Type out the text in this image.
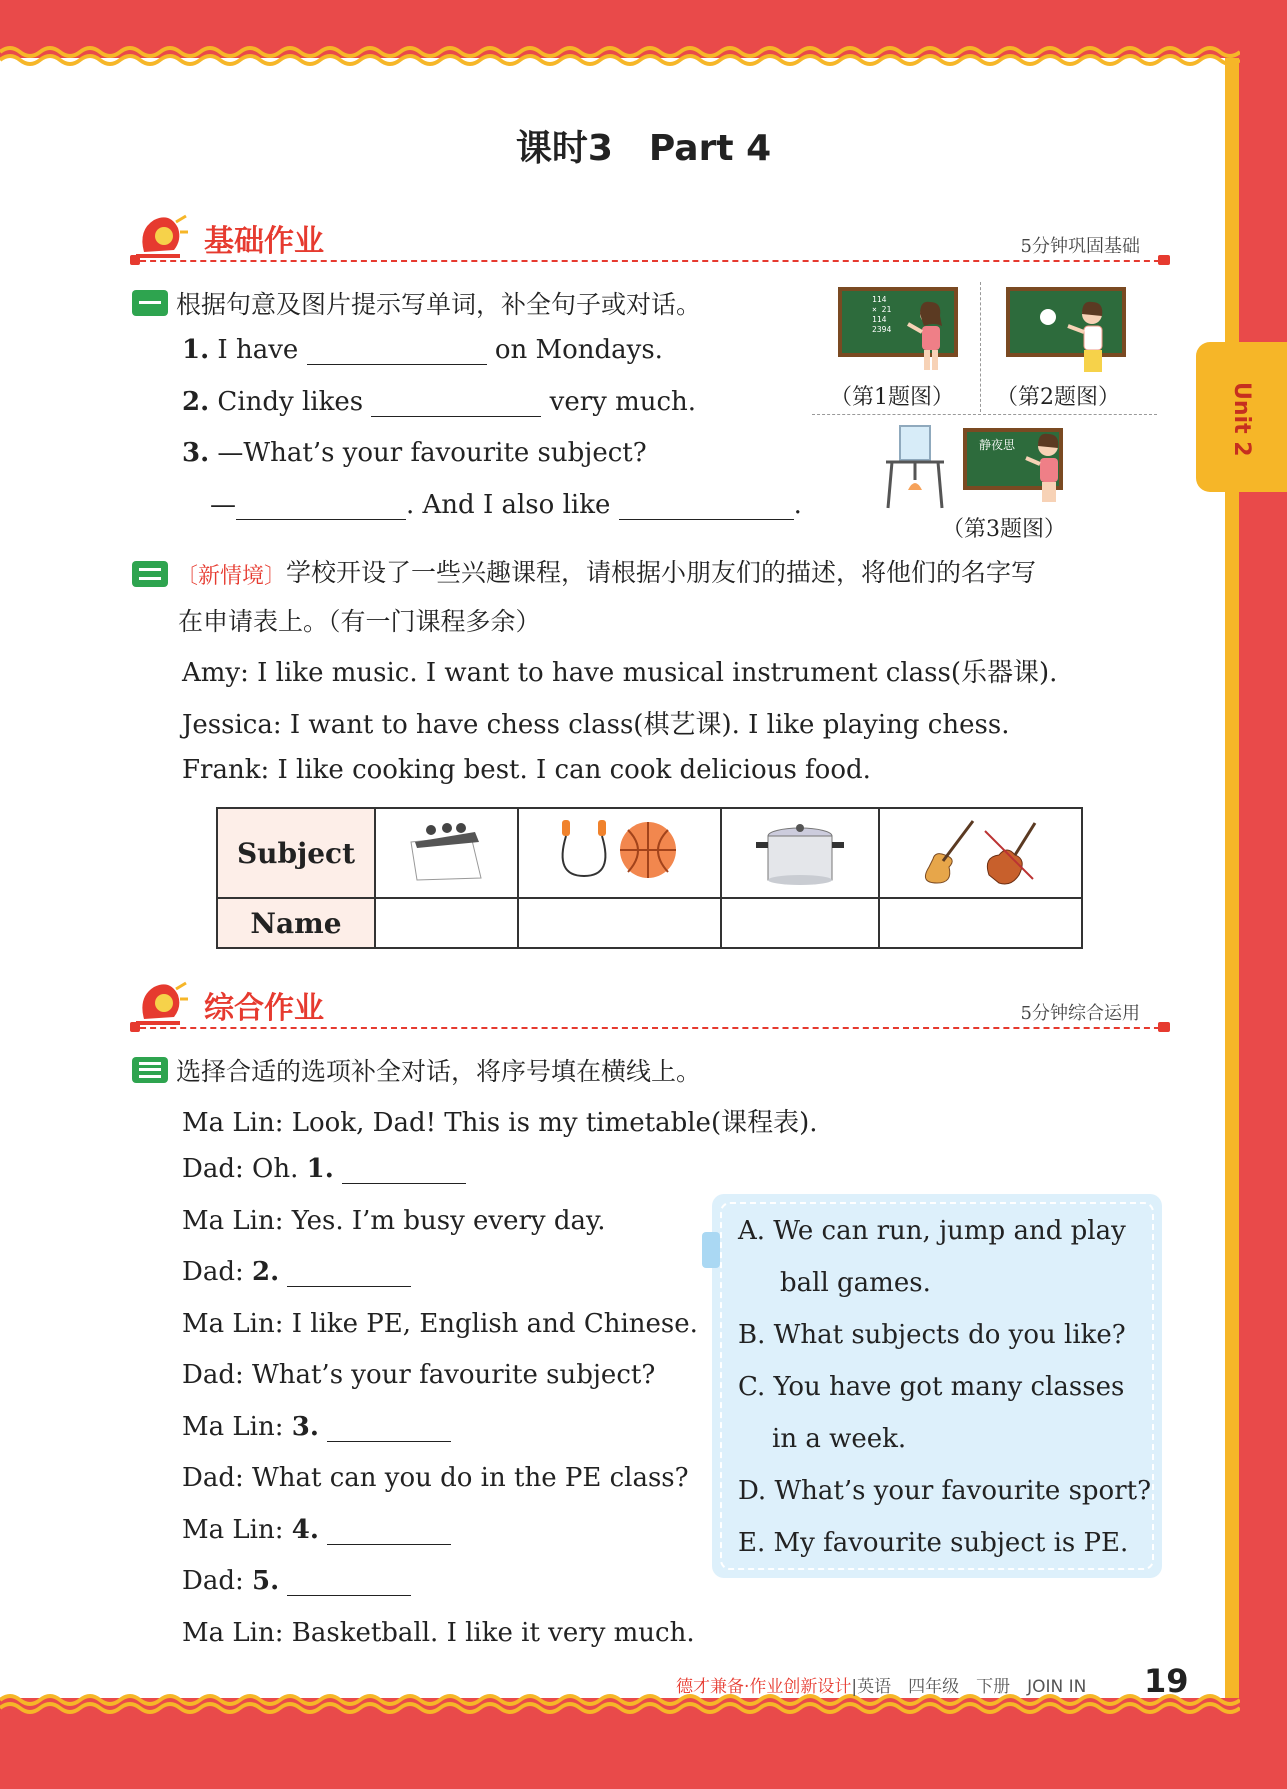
Unit 2
课时3　Part 4
基础作业	5分钟巩固基础
根据句意及图片提示写单词，补全句子或对话。
1. I have	on Mondays.
2. Cindy likes	very much.
3. —What’s your favourite subject?
—	. And I also like	.
114
× 21
114
2394
（第1题图） （第2题图）
静夜思
（第3题图）
〔新情境〕学校开设了一些兴趣课程，请根据小朋友们的描述，将他们的名字写
在申请表上。（有一门课程多余）
Amy: I like music. I want to have musical instrument class(乐器课).
Jessica: I want to have chess class(棋艺课). I like playing chess.
Frank: I like cooking best. I can cook delicious food.
Subject				
Name				
综合作业	5分钟综合运用
选择合适的选项补全对话，将序号填在横线上。
Ma Lin: Look, Dad! This is my timetable(课程表).
Dad: Oh. 1.
Ma Lin: Yes. I’m busy every day.
Dad: 2.
Ma Lin: I like PE, English and Chinese.
Dad: What’s your favourite subject?
Ma Lin: 3.
Dad: What can you do in the PE class?
Ma Lin: 4.
Dad: 5.
Ma Lin: Basketball. I like it very much.
A. We can run, jump and play
ball games.
B. What subjects do you like?
C. You have got many classes
in a week.
D. What’s your favourite sport?
E. My favourite subject is PE.
德才兼备·作业创新设计|英语　四年级　下册　JOIN IN 19
